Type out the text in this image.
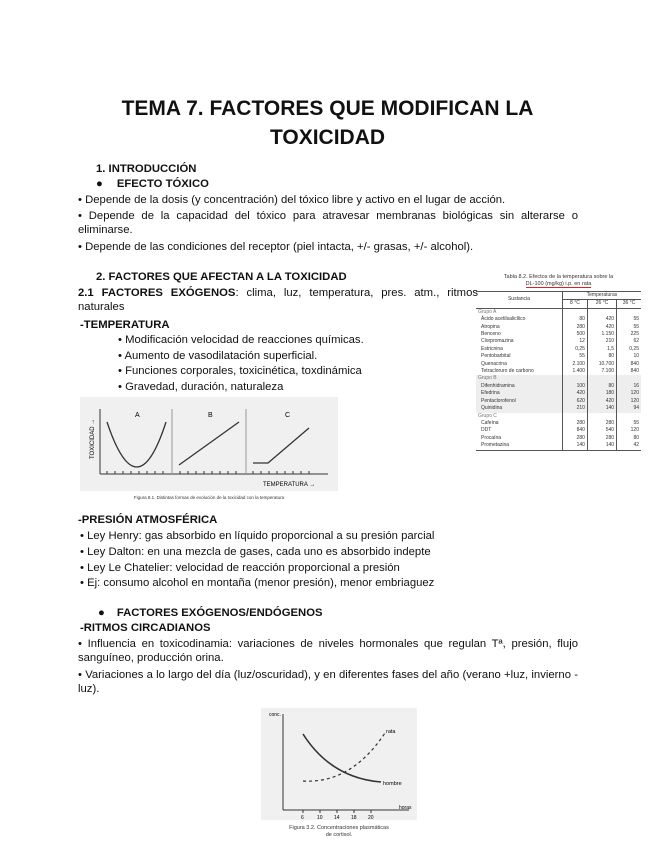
TEMA 7. FACTORES QUE MODIFICAN LA
TOXICIDAD
1. INTRODUCCIÓN
● EFECTO TÓXICO
• Depende de la dosis (y concentración) del tóxico libre y activo en el lugar de acción.
• Depende de la capacidad del tóxico para atravesar membranas biológicas sin alterarse o eliminarse.
• Depende de las condiciones del receptor (piel intacta, +/- grasas, +/- alcohol).
2. FACTORES QUE AFECTAN A LA TOXICIDAD
2.1 FACTORES EXÓGENOS: clima, luz, temperatura, pres. atm., ritmos naturales
-TEMPERATURA
• Modificación velocidad de reacciones químicas.
• Aumento de vasodilatación superficial.
• Funciones corporales, toxicinética, toxdinámica
• Gravedad, duración, naturaleza
A	B	C
TOXICIDAD →
TEMPERATURA →
Figura 8.1. Distintas formas de evolución de la toxicidad con la temperatura
Tabla 8.2. Efectos de la temperatura sobre la
DL-100 (mg/kg) i.p. en rata
Sustancia	Temperaturas		
	8 °C	26 °C	36 °C
Grupo A			
Ácido acetilsalicílico	80	420	55
Atropina	280	420	55
Benceno	500	1.150	225
Clorpromazina	12	210	62
Estricnina	0,25	1,5	0,25
Pentobarbital	55	80	10
Quenacrina	2.100	10.700	840
Tetracloruro de carbono	1.400	7.100	840
Grupo B			
Difenhidramina	100	80	16
Efedrina	420	180	120
Pentaclorofenol	620	420	120
Quinidina	210	140	94
Grupo C			
Cafeína	280	280	55
DDT	840	540	120
Procaína	280	280	80
Prometazina	140	140	42
-PRESIÓN ATMOSFÉRICA
• Ley Henry: gas absorbido en líquido proporcional a su presión parcial
• Ley Dalton: en una mezcla de gases, cada uno es absorbido indepte
• Ley Le Chatelier: velocidad de reacción proporcional a presión
• Ej: consumo alcohol en montaña (menor presión), menor embriaguez
● FACTORES EXÓGENOS/ENDÓGENOS
-RITMOS CIRCADIANOS
• Influencia en toxicodinamia: variaciones de niveles hormonales que regulan Tª, presión, flujo sanguíneo, producción orina.
• Variaciones a lo largo del día (luz/oscuridad), y en diferentes fases del año (verano +luz, invierno -luz).
conc.
horas
6	10 14 18 20
rata
hombre
Figura 3.2. Concentraciones plasmáticas
de cortisol.
